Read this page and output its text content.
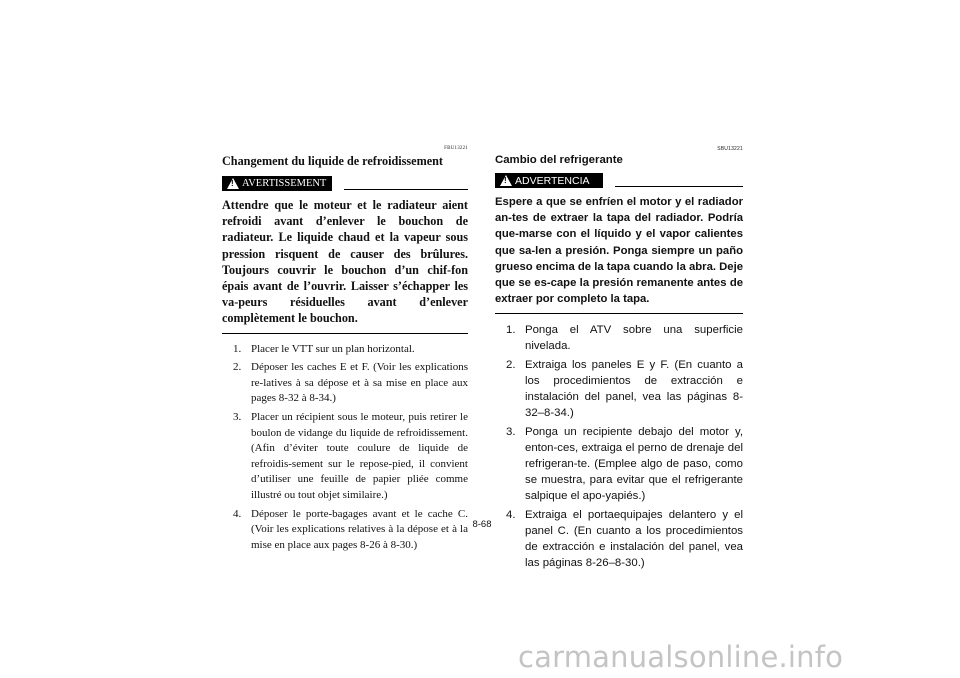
FBU13221
Changement du liquide de refroidissement
! AVERTISSEMENT
Attendre que le moteur et le radiateur aient refroidi avant d’enlever le bouchon de radiateur. Le liquide chaud et la vapeur sous pression risquent de causer des brûlures. Toujours couvrir le bouchon d’un chif-fon épais avant de l’ouvrir. Laisser s’échapper les va-peurs résiduelles avant d’enlever complètement le bouchon.
1. Placer le VTT sur un plan horizontal.
2. Déposer les caches E et F. (Voir les explications re-latives à sa dépose et à sa mise en place aux pages 8-32 à 8-34.)
3. Placer un récipient sous le moteur, puis retirer le boulon de vidange du liquide de refroidissement. (Afin d’éviter toute coulure de liquide de refroidis-sement sur le repose-pied, il convient d’utiliser une feuille de papier pliée comme illustré ou tout objet similaire.)
4. Déposer le porte-bagages avant et le cache C. (Voir les explications relatives à la dépose et à la mise en place aux pages 8-26 à 8-30.)
SBU13221
Cambio del refrigerante
! ADVERTENCIA
Espere a que se enfríen el motor y el radiador an-tes de extraer la tapa del radiador. Podría que-marse con el líquido y el vapor calientes que sa-len a presión. Ponga siempre un paño grueso encima de la tapa cuando la abra. Deje que se es-cape la presión remanente antes de extraer por completo la tapa.
1. Ponga el ATV sobre una superficie nivelada.
2. Extraiga los paneles E y F. (En cuanto a los procedimientos de extracción e instalación del panel, vea las páginas 8-32–8-34.)
3. Ponga un recipiente debajo del motor y, enton-ces, extraiga el perno de drenaje del refrigeran-te. (Emplee algo de paso, como se muestra, para evitar que el refrigerante salpique el apo-yapiés.)
4. Extraiga el portaequipajes delantero y el panel C. (En cuanto a los procedimientos de extracción e instalación del panel, vea las páginas 8-26–8-30.)
8-68
carmanualsonline.info
